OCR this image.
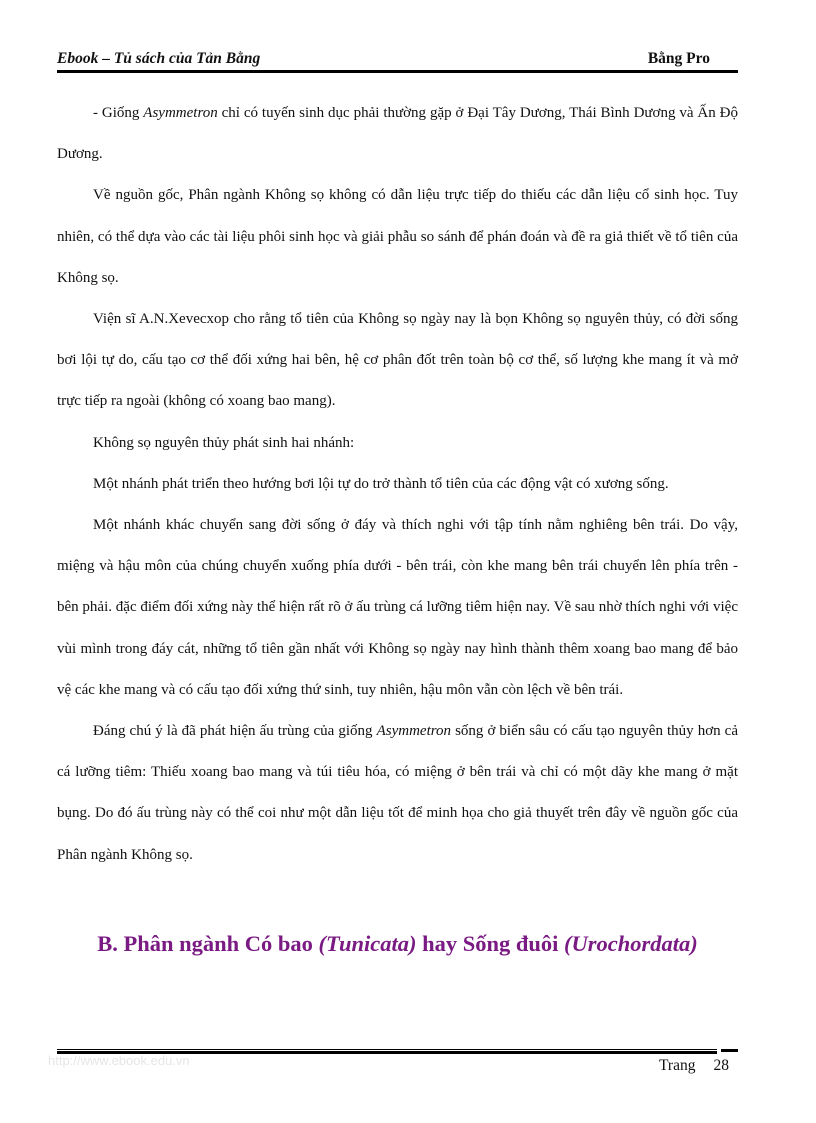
Ebook – Tủ sách của Tản Bằng	Bằng Pro

- Giống Asymmetron chỉ có tuyến sinh dục phải thường gặp ở Đại Tây Dương, Thái Bình Dương và Ấn Độ Dương.

Về nguồn gốc, Phân ngành Không sọ không có dẫn liệu trực tiếp do thiếu các dẫn liệu cổ sinh học. Tuy nhiên, có thể dựa vào các tài liệu phôi sinh học và giải phẫu so sánh để phán đoán và đề ra giả thiết về tổ tiên của Không sọ.

Viện sĩ A.N.Xevecxop cho rằng tổ tiên của Không sọ ngày nay là bọn Không sọ nguyên thủy, có đời sống bơi lội tự do, cấu tạo cơ thể đối xứng hai bên, hệ cơ phân đốt trên toàn bộ cơ thể, số lượng khe mang ít và mở trực tiếp ra ngoài (không có xoang bao mang).

Không sọ nguyên thủy phát sinh hai nhánh:

Một nhánh phát triển theo hướng bơi lội tự do trở thành tổ tiên của các động vật có xương sống.

Một nhánh khác chuyển sang đời sống ở đáy và thích nghi với tập tính nằm nghiêng bên trái. Do vậy, miệng và hậu môn của chúng chuyển xuống phía dưới - bên trái, còn khe mang bên trái chuyển lên phía trên - bên phải. đặc điểm đối xứng này thể hiện rất rõ ở ấu trùng cá lưỡng tiêm hiện nay. Về sau nhờ thích nghi với việc vùi mình trong đáy cát, những tổ tiên gần nhất với Không sọ ngày nay hình thành thêm xoang bao mang để bảo vệ các khe mang và có cấu tạo đối xứng thứ sinh, tuy nhiên, hậu môn vẫn còn lệch về bên trái.

Đáng chú ý là đã phát hiện ấu trùng của giống Asymmetron sống ở biển sâu có cấu tạo nguyên thủy hơn cả cá lưỡng tiêm: Thiếu xoang bao mang và túi tiêu hóa, có miệng ở bên trái và chỉ có một dãy khe mang ở mặt bụng. Do đó ấu trùng này có thể coi như một dẫn liệu tốt để minh họa cho giả thuyết trên đây về nguồn gốc của Phân ngành Không sọ.

B. Phân ngành Có bao (Tunicata) hay Sống đuôi (Urochordata)
http://www.ebook.edu.vn	Trang 28
